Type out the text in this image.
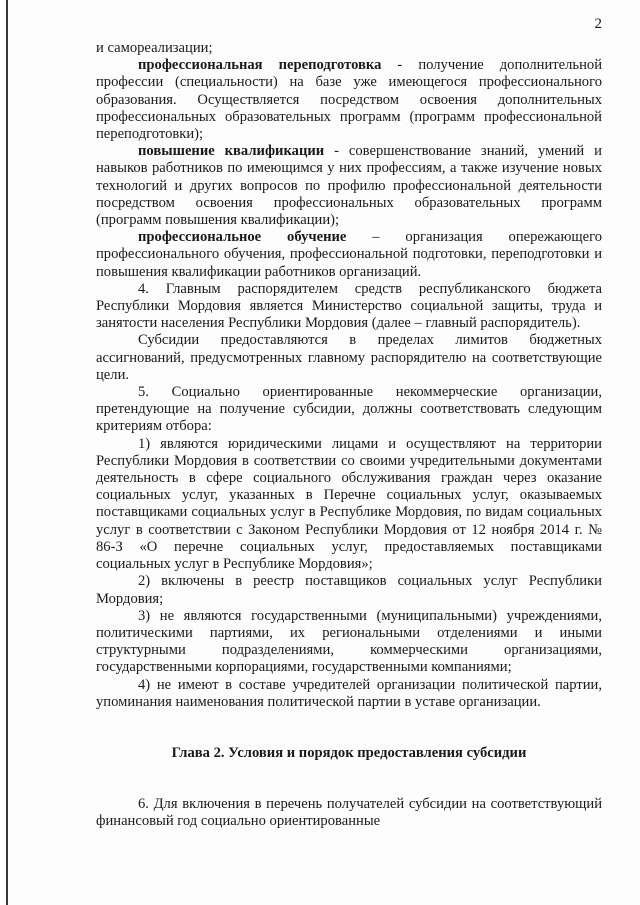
2

и самореализации;

профессиональная переподготовка - получение дополнительной профессии (специальности) на базе уже имеющегося профессионального образования. Осуществляется посредством освоения дополнительных профессиональных образовательных программ (программ профессиональной переподготовки);

повышение квалификации - совершенствование знаний, умений и навыков работников по имеющимся у них профессиям, а также изучение новых технологий и других вопросов по профилю профессиональной деятельности посредством освоения профессиональных образовательных программ (программ повышения квалификации);

профессиональное обучение – организация опережающего профессионального обучения, профессиональной подготовки, переподготовки и повышения квалификации работников организаций.

4. Главным распорядителем средств республиканского бюджета Республики Мордовия является Министерство социальной защиты, труда и занятости населения Республики Мордовия (далее – главный распорядитель).

Субсидии предоставляются в пределах лимитов бюджетных ассигнований, предусмотренных главному распорядителю на соответствующие цели.

5. Социально ориентированные некоммерческие организации, претендующие на получение субсидии, должны соответствовать следующим критериям отбора:

1) являются юридическими лицами и осуществляют на территории Республики Мордовия в соответствии со своими учредительными документами деятельность в сфере социального обслуживания граждан через оказание социальных услуг, указанных в Перечне социальных услуг, оказываемых поставщиками социальных услуг в Республике Мордовия, по видам социальных услуг в соответствии с Законом Республики Мордовия от 12 ноября 2014 г. № 86-З «О перечне социальных услуг, предоставляемых поставщиками социальных услуг в Республике Мордовия»;

2) включены в реестр поставщиков социальных услуг Республики Мордовия;

3) не являются государственными (муниципальными) учреждениями, политическими партиями, их региональными отделениями и иными структурными подразделениями, коммерческими организациями, государственными корпорациями, государственными компаниями;

4) не имеют в составе учредителей организации политической партии, упоминания наименования политической партии в уставе организации.

Глава 2. Условия и порядок предоставления субсидии

6. Для включения в перечень получателей субсидии на соответствующий финансовый год социально ориентированные
